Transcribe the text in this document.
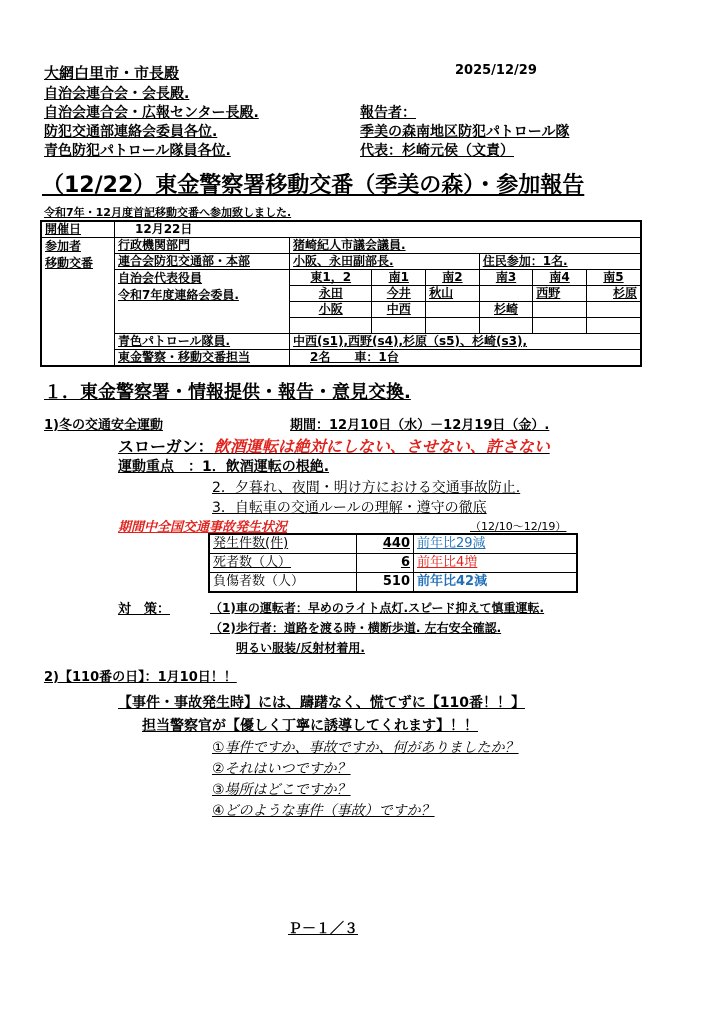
大網白里市・市長殿
自治会連合会・会長殿.
自治会連合会・広報センター長殿.
防犯交通部連絡会委員各位.
青色防犯パトロール隊員各位.
2025/12/29
報告者：
季美の森南地区防犯パトロール隊
代表：杉崎元侯（文責）
（12/22）東金警察署移動交番（季美の森）・参加報告
令和7年・12月度首記移動交番へ参加致しました.
開催日	12月22日						
参加者
移動交番	行政機関部門	猪崎紀人市議会議員.					
	連合会防犯交通部・本部	小阪、永田副部長.			住民参加：1名.		
	自治会代表役員
令和7年度連絡会委員.	東1，2	南1	南2	南3	南4	南5
		永田	今井	秋山		西野	杉原
		小阪	中西		杉崎		

	青色パトロール隊員.	中西(s1),西野(s4),杉原（s5)、杉崎(s3),					
	東金警察・移動交番担当	2名　　車：1台					
１．東金警察署・情報提供・報告・意見交換.
1)冬の交通安全運動	期間：12月10日（水）－12月19日（金）.
スローガン：飲酒運転は絶対にしない、させない、許さない
運動重点　：1．飲酒運転の根絶.
2．夕暮れ、夜間・明け方における交通事故防止.
3．自転車の交通ルールの理解・遵守の徹底
期間中全国交通事故発生状況	（12/10～12/19）
発生件数(件)	440	前年比29減
死者数（人）	6	前年比4増
負傷者数（人）	510	前年比42減
対　策：	（1)車の運転者：早めのライト点灯.スピード抑えて慎重運転.
（2)歩行者：道路を渡る時・横断歩道. 左右安全確認.
明るい服装/反射材着用.
2)【110番の日】：1月10日！！
【事件・事故発生時】には、躊躇なく、慌てずに【110番！！】
担当警察官が【優しく丁寧に誘導してくれます】！！
①事件ですか、事故ですか、何がありましたか？
②それはいつですか？
③場所はどこですか？
④どのような事件（事故）ですか？
Ｐ－１／３
